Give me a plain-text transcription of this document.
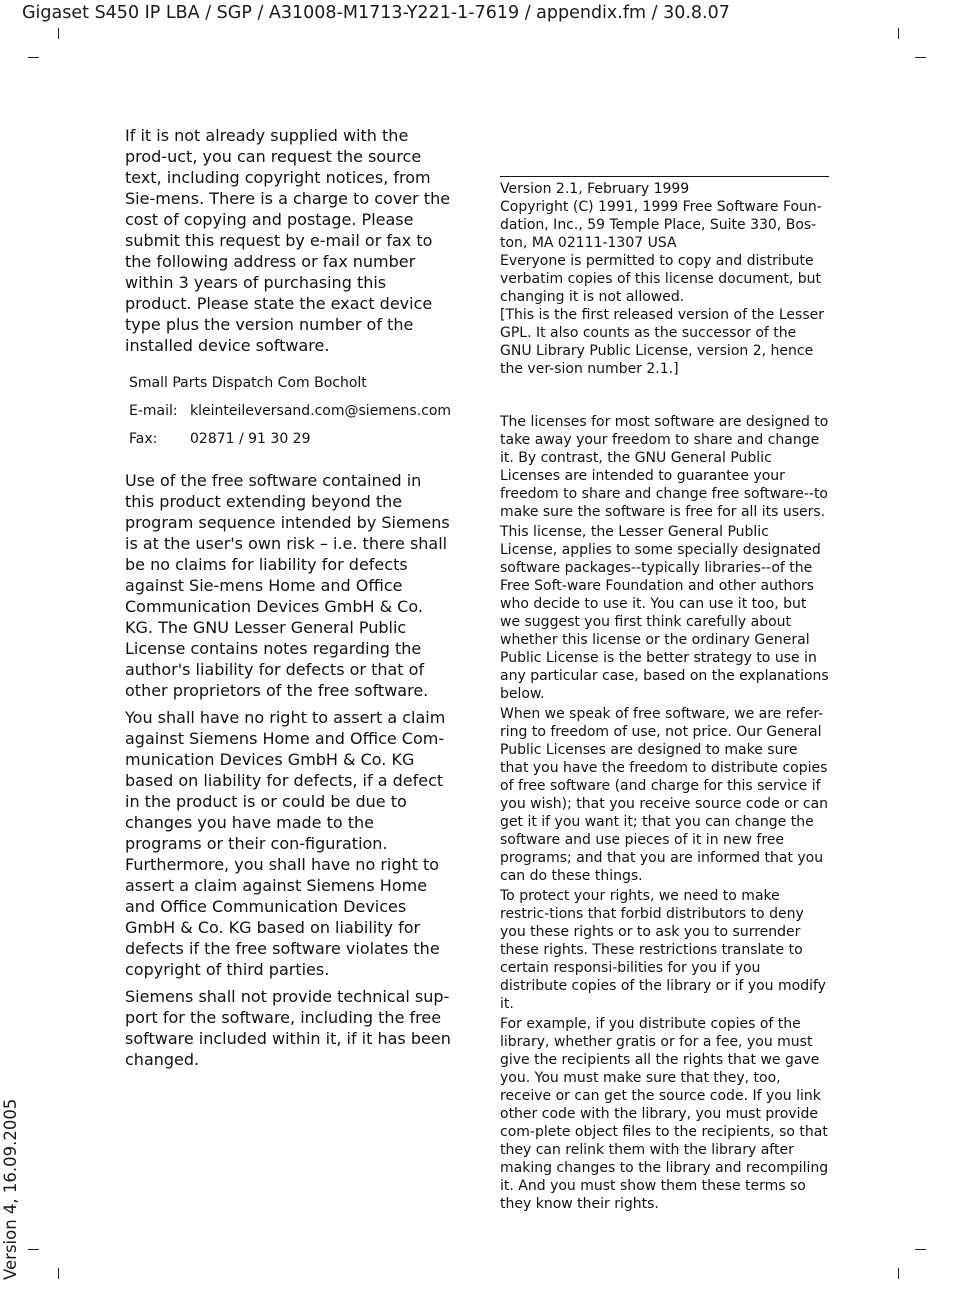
Gigaset S450 IP LBA / SGP / A31008-M1713-Y221-1-7619 / appendix.fm / 30.8.07

If it is not already supplied with the prod-uct, you can request the source text, including copyright notices, from Sie-mens. There is a charge to cover the cost of copying and postage. Please submit this request by e-mail or fax to the following address or fax number within 3 years of purchasing this product. Please state the exact device type plus the version number of the installed device software.

Small Parts Dispatch Com Bocholt
E-mail: kleinteileversand.com@siemens.com
Fax:	02871 / 91 30 29

Use of the free software contained in this product extending beyond the program sequence intended by Siemens is at the user's own risk – i.e. there shall be no claims for liability for defects against Sie-mens Home and Office Communication Devices GmbH & Co. KG. The GNU Lesser General Public License contains notes regarding the author's liability for defects or that of other proprietors of the free software.

You shall have no right to assert a claim against Siemens Home and Office Com-munication Devices GmbH & Co. KG based on liability for defects, if a defect in the product is or could be due to changes you have made to the programs or their con-figuration. Furthermore, you shall have no right to assert a claim against Siemens Home and Office Communication Devices GmbH & Co. KG based on liability for defects if the free software violates the copyright of third parties.

Siemens shall not provide technical sup-port for the software, including the free software included within it, if it has been changed.

Version 2.1, February 1999

Copyright (C) 1991, 1999 Free Software Foun-dation, Inc., 59 Temple Place, Suite 330, Bos-ton, MA 02111-1307 USA

Everyone is permitted to copy and distribute verbatim copies of this license document, but changing it is not allowed.

[This is the first released version of the Lesser GPL. It also counts as the successor of the GNU Library Public License, version 2, hence the ver-sion number 2.1.]

The licenses for most software are designed to take away your freedom to share and change it. By contrast, the GNU General Public Licenses are intended to guarantee your freedom to share and change free software--to make sure the software is free for all its users.

This license, the Lesser General Public License, applies to some specially designated software packages--typically libraries--of the Free Soft-ware Foundation and other authors who decide to use it. You can use it too, but we suggest you first think carefully about whether this license or the ordinary General Public License is the better strategy to use in any particular case, based on the explanations below.

When we speak of free software, we are refer-ring to freedom of use, not price. Our General Public Licenses are designed to make sure that you have the freedom to distribute copies of free software (and charge for this service if you wish); that you receive source code or can get it if you want it; that you can change the software and use pieces of it in new free programs; and that you are informed that you can do these things.

To protect your rights, we need to make restric-tions that forbid distributors to deny you these rights or to ask you to surrender these rights. These restrictions translate to certain responsi-bilities for you if you distribute copies of the library or if you modify it.

For example, if you distribute copies of the library, whether gratis or for a fee, you must give the recipients all the rights that we gave you. You must make sure that they, too, receive or can get the source code. If you link other code with the library, you must provide com-plete object files to the recipients, so that they can relink them with the library after making changes to the library and recompiling it. And you must show them these terms so they know their rights.

Version 4, 16.09.2005
